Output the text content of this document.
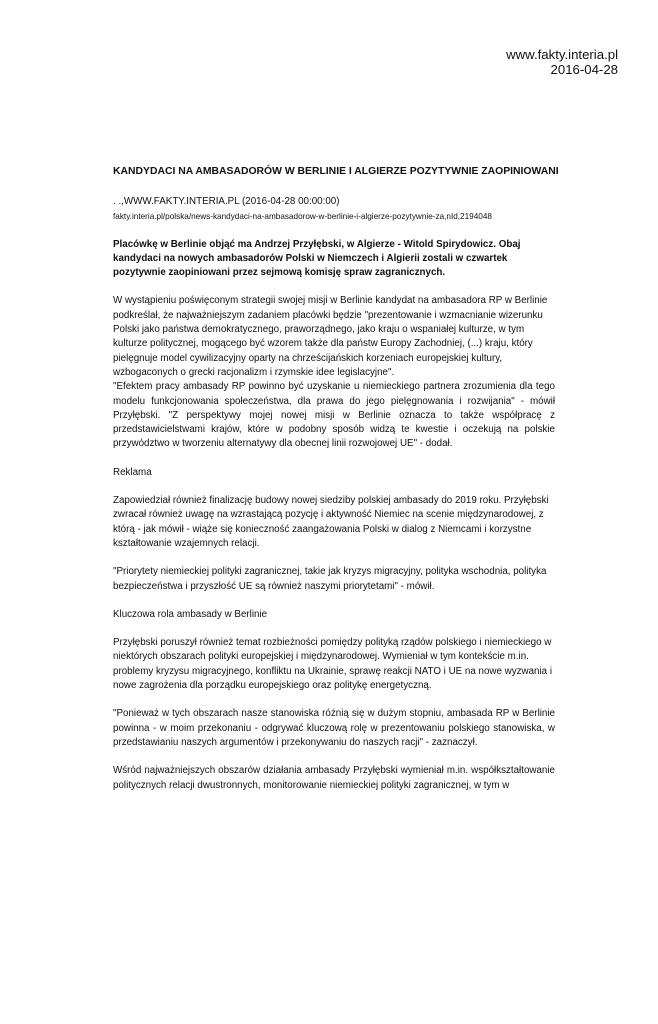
www.fakty.interia.pl
2016-04-28

KANDYDACI NA AMBASADORÓW W BERLINIE I ALGIERZE POZYTYWNIE ZAOPINIOWANI

. .,WWW.FAKTY.INTERIA.PL (2016-04-28 00:00:00)

fakty.interia.pl/polska/news-kandydaci-na-ambasadorow-w-berlinie-i-algierze-pozytywnie-za,nId,2194048

Placówkę w Berlinie objąć ma Andrzej Przyłębski, w Algierze - Witold Spirydowicz. Obaj kandydaci na nowych ambasadorów Polski w Niemczech i Algierii zostali w czwartek pozytywnie zaopiniowani przez sejmową komisję spraw zagranicznych.

W wystąpieniu poświęconym strategii swojej misji w Berlinie kandydat na ambasadora RP w Berlinie podkreślał, że najważniejszym zadaniem placówki będzie "prezentowanie i wzmacnianie wizerunku Polski jako państwa demokratycznego, praworządnego, jako kraju o wspaniałej kulturze, w tym kulturze politycznej, mogącego być wzorem także dla państw Europy Zachodniej, (...) kraju, który pielęgnuje model cywilizacyjny oparty na chrześcijańskich korzeniach europejskiej kultury, wzbogaconych o grecki racjonalizm i rzymskie idee legislacyjne".

"Efektem pracy ambasady RP powinno być uzyskanie u niemieckiego partnera zrozumienia dla tego modelu funkcjonowania społeczeństwa, dla prawa do jego pielęgnowania i rozwijania" - mówił Przyłębski. "Z perspektywy mojej nowej misji w Berlinie oznacza to także współpracę z przedstawicielstwami krajów, które w podobny sposób widzą te kwestie i oczekują na polskie przywództwo w tworzeniu alternatywy dla obecnej linii rozwojowej UE" - dodał.

Reklama

Zapowiedział również finalizację budowy nowej siedziby polskiej ambasady do 2019 roku. Przyłębski zwracał również uwagę na wzrastającą pozycję i aktywność Niemiec na scenie międzynarodowej, z którą - jak mówił - wiąże się konieczność zaangażowania Polski w dialog z Niemcami i korzystne kształtowanie wzajemnych relacji.

"Priorytety niemieckiej polityki zagranicznej, takie jak kryzys migracyjny, polityka wschodnia, polityka bezpieczeństwa i przyszłość UE są również naszymi priorytetami" - mówił.

Kluczowa rola ambasady w Berlinie

Przyłębski poruszył również temat rozbieżności pomiędzy polityką rządów polskiego i niemieckiego w niektórych obszarach polityki europejskiej i międzynarodowej. Wymieniał w tym kontekście m.in. problemy kryzysu migracyjnego, konfliktu na Ukrainie, sprawę reakcji NATO i UE na nowe wyzwania i nowe zagrożenia dla porządku europejskiego oraz politykę energetyczną.

"Ponieważ w tych obszarach nasze stanowiska różnią się w dużym stopniu, ambasada RP w Berlinie powinna - w moim przekonaniu - odgrywać kluczową rolę w prezentowaniu polskiego stanowiska, w przedstawianiu naszych argumentów i przekonywaniu do naszych racji" - zaznaczył.

Wśród najważniejszych obszarów działania ambasady Przyłębski wymieniał m.in. współkształtowanie politycznych relacji dwustronnych, monitorowanie niemieckiej polityki zagranicznej, w tym w
